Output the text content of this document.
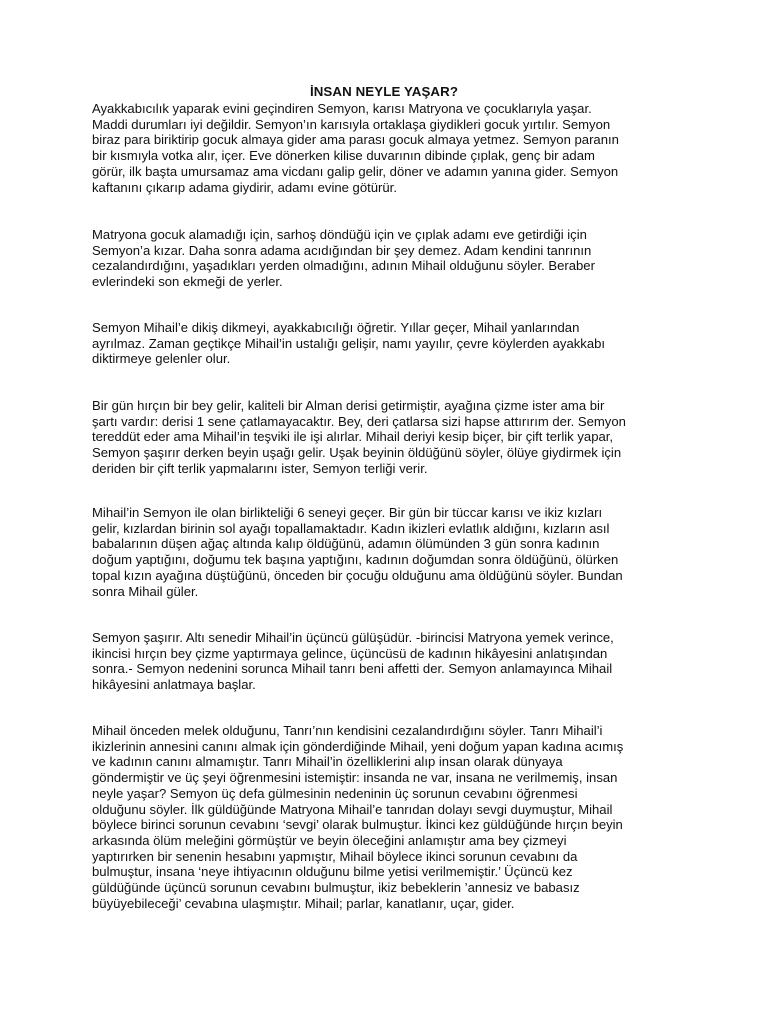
İNSAN NEYLE YAŞAR?

Ayakkabıcılık yaparak evini geçindiren Semyon, karısı Matryona ve çocuklarıyla yaşar.
Maddi durumları iyi değildir. Semyon’ın karısıyla ortaklaşa giydikleri gocuk yırtılır. Semyon
biraz para biriktirip gocuk almaya gider ama parası gocuk almaya yetmez. Semyon paranın
bir kısmıyla votka alır, içer. Eve dönerken kilise duvarının dibinde çıplak, genç bir adam
görür, ilk başta umursamaz ama vicdanı galip gelir, döner ve adamın yanına gider. Semyon
kaftanını çıkarıp adama giydirir, adamı evine götürür.

Matryona gocuk alamadığı için, sarhoş döndüğü için ve çıplak adamı eve getirdiği için
Semyon’a kızar. Daha sonra adama acıdığından bir şey demez. Adam kendini tanrının
cezalandırdığını, yaşadıkları yerden olmadığını, adının Mihail olduğunu söyler. Beraber
evlerindeki son ekmeği de yerler.

Semyon Mihail’e dikiş dikmeyi, ayakkabıcılığı öğretir. Yıllar geçer, Mihail yanlarından
ayrılmaz. Zaman geçtikçe Mihail’in ustalığı gelişir, namı yayılır, çevre köylerden ayakkabı
diktirmeye gelenler olur.

Bir gün hırçın bir bey gelir, kaliteli bir Alman derisi getirmiştir, ayağına çizme ister ama bir
şartı vardır: derisi 1 sene çatlamayacaktır. Bey, deri çatlarsa sizi hapse attırırım der. Semyon
tereddüt eder ama Mihail’in teşviki ile işi alırlar. Mihail deriyi kesip biçer, bir çift terlik yapar,
Semyon şaşırır derken beyin uşağı gelir. Uşak beyinin öldüğünü söyler, ölüye giydirmek için
deriden bir çift terlik yapmalarını ister, Semyon terliği verir.

Mihail’in Semyon ile olan birlikteliği 6 seneyi geçer. Bir gün bir tüccar karısı ve ikiz kızları
gelir, kızlardan birinin sol ayağı topallamaktadır. Kadın ikizleri evlatlık aldığını, kızların asıl
babalarının düşen ağaç altında kalıp öldüğünü, adamın ölümünden 3 gün sonra kadının
doğum yaptığını, doğumu tek başına yaptığını, kadının doğumdan sonra öldüğünü, ölürken
topal kızın ayağına düştüğünü, önceden bir çocuğu olduğunu ama öldüğünü söyler. Bundan
sonra Mihail güler.

Semyon şaşırır. Altı senedir Mihail’in üçüncü gülüşüdür. -birincisi Matryona yemek verince,
ikincisi hırçın bey çizme yaptırmaya gelince, üçüncüsü de kadının hikâyesini anlatışından
sonra.- Semyon nedenini sorunca Mihail tanrı beni affetti der. Semyon anlamayınca Mihail
hikâyesini anlatmaya başlar.

Mihail önceden melek olduğunu, Tanrı’nın kendisini cezalandırdığını söyler. Tanrı Mihail’i
ikizlerinin annesini canını almak için gönderdiğinde Mihail, yeni doğum yapan kadına acımış
ve kadının canını almamıştır. Tanrı Mihail’in özelliklerini alıp insan olarak dünyaya
göndermiştir ve üç şeyi öğrenmesini istemiştir: insanda ne var, insana ne verilmemiş, insan
neyle yaşar? Semyon üç defa gülmesinin nedeninin üç sorunun cevabını öğrenmesi
olduğunu söyler. İlk güldüğünde Matryona Mihail’e tanrıdan dolayı sevgi duymuştur, Mihail
böylece birinci sorunun cevabını ‘sevgi’ olarak bulmuştur. İkinci kez güldüğünde hırçın beyin
arkasında ölüm meleğini görmüştür ve beyin öleceğini anlamıştır ama bey çizmeyi
yaptırırken bir senenin hesabını yapmıştır, Mihail böylece ikinci sorunun cevabını da
bulmuştur, insana ‘neye ihtiyacının olduğunu bilme yetisi verilmemiştir.’ Üçüncü kez
güldüğünde üçüncü sorunun cevabını bulmuştur, ikiz bebeklerin ’annesiz ve babasız
büyüyebileceği’ cevabına ulaşmıştır. Mihail; parlar, kanatlanır, uçar, gider.
